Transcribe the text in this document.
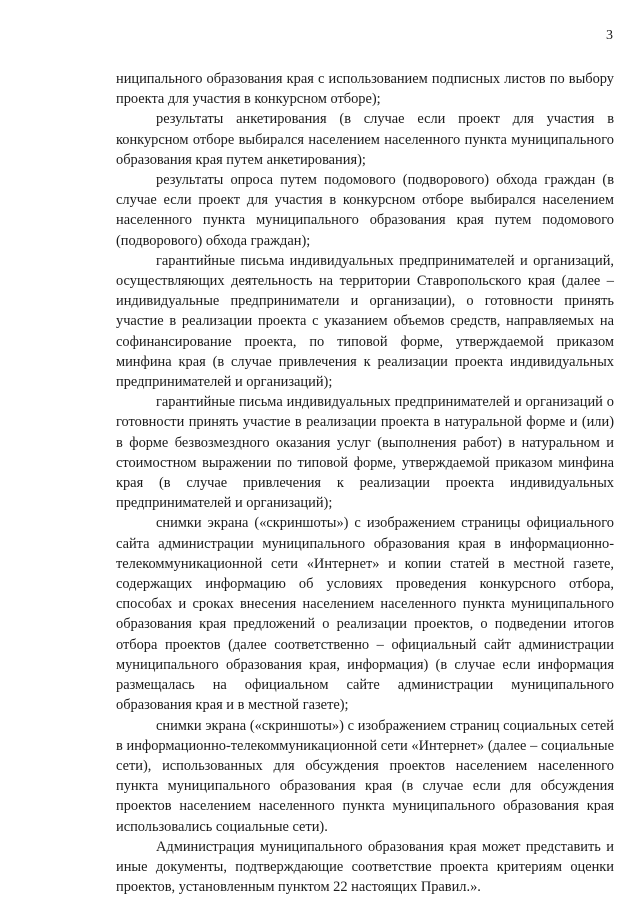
3

ниципального образования края с использованием подписных листов по выбору проекта для участия в конкурсном отборе);

результаты анкетирования (в случае если проект для участия в конкурсном отборе выбирался населением населенного пункта муниципального образования края путем анкетирования);

результаты опроса путем подомового (подворового) обхода граждан (в случае если проект для участия в конкурсном отборе выбирался населением населенного пункта муниципального образования края путем подомового (подворового) обхода граждан);

гарантийные письма индивидуальных предпринимателей и организаций, осуществляющих деятельность на территории Ставропольского края (далее – индивидуальные предприниматели и организации), о готовности принять участие в реализации проекта с указанием объемов средств, направляемых на софинансирование проекта, по типовой форме, утверждаемой приказом минфина края (в случае привлечения к реализации проекта индивидуальных предпринимателей и организаций);

гарантийные письма индивидуальных предпринимателей и организаций о готовности принять участие в реализации проекта в натуральной форме и (или) в форме безвозмездного оказания услуг (выполнения работ) в натуральном и стоимостном выражении по типовой форме, утверждаемой приказом минфина края (в случае привлечения к реализации проекта индивидуальных предпринимателей и организаций);

снимки экрана («скриншоты») с изображением страницы официального сайта администрации муниципального образования края в информационно-телекоммуникационной сети «Интернет» и копии статей в местной газете, содержащих информацию об условиях проведения конкурсного отбора, способах и сроках внесения населением населенного пункта муниципального образования края предложений о реализации проектов, о подведении итогов отбора проектов (далее соответственно – официальный сайт администрации муниципального образования края, информация) (в случае если информация размещалась на официальном сайте администрации муниципального образования края и в местной газете);

снимки экрана («скриншоты») с изображением страниц социальных сетей в информационно-телекоммуникационной сети «Интернет» (далее – социальные сети), использованных для обсуждения проектов населением населенного пункта муниципального образования края (в случае если для обсуждения проектов населением населенного пункта муниципального образования края использовались социальные сети).

Администрация муниципального образования края может представить и иные документы, подтверждающие соответствие проекта критериям оценки проектов, установленным пунктом 22 настоящих Правил.».
